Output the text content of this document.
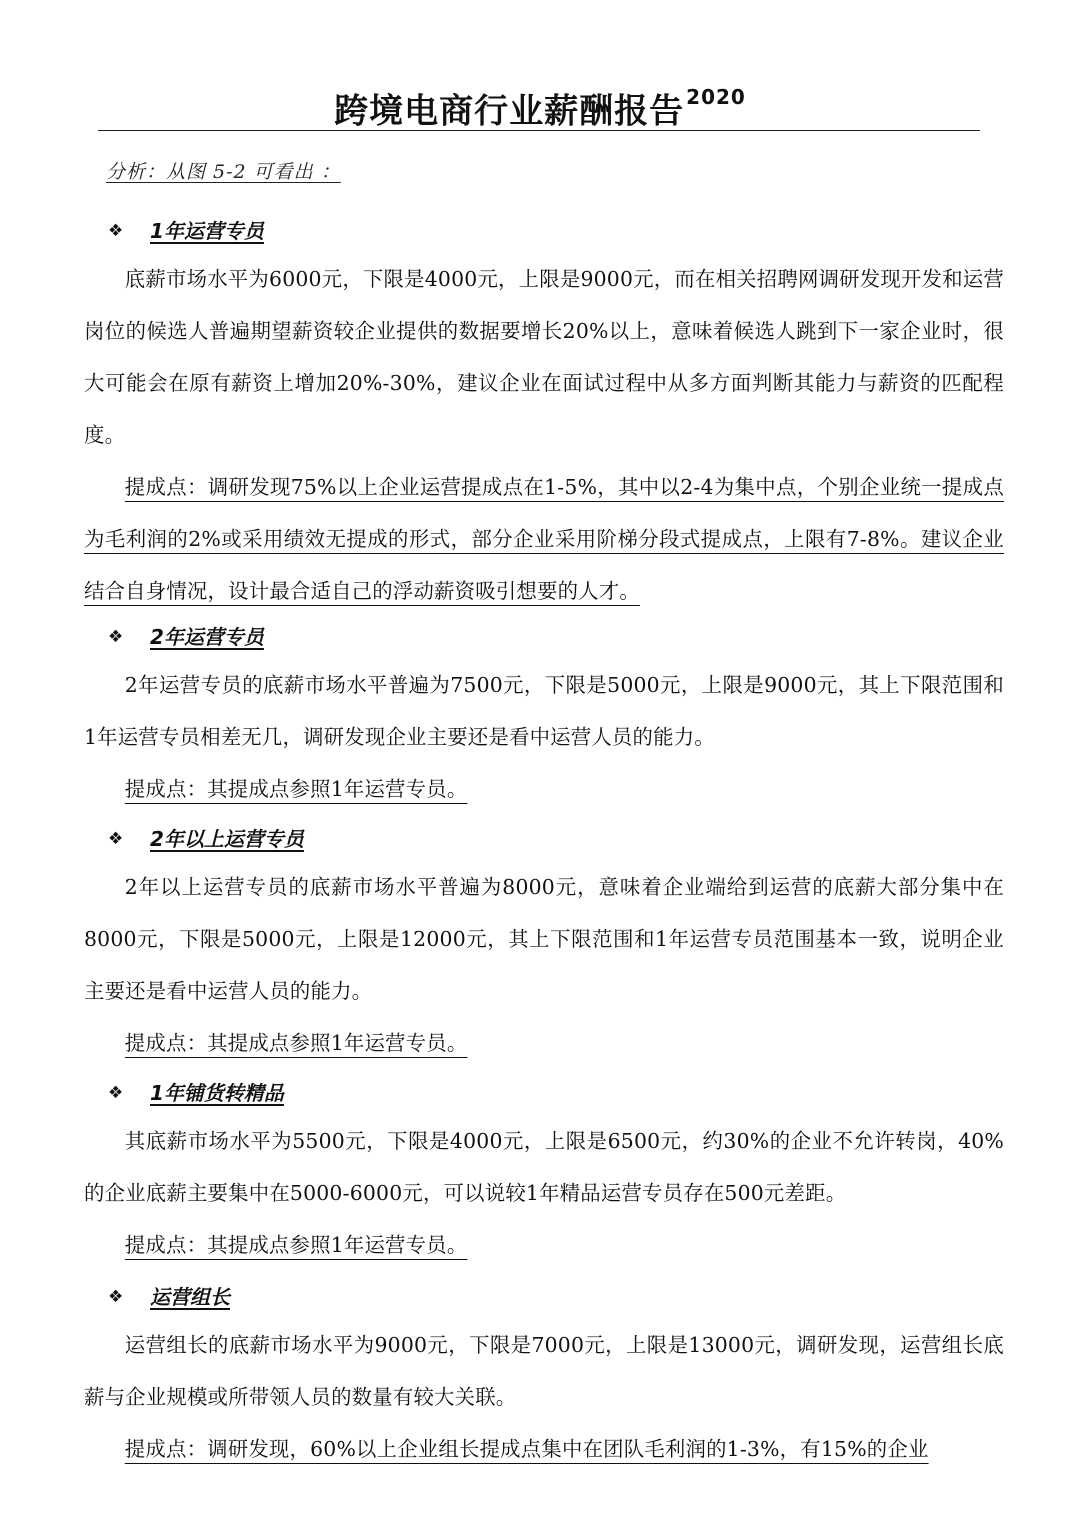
跨境电商行业薪酬报告 $^{2020}$
分析：从图 5-2 可看出 ：
❖	1年运营专员

底薪市场水平为6000元，下限是4000元，上限是9000元，而在相关招聘网调研发现开发和运营岗位的候选人普遍期望薪资较企业提供的数据要增长20%以上，意味着候选人跳到下一家企业时，很大可能会在原有薪资上增加20%-30%，建议企业在面试过程中从多方面判断其能力与薪资的匹配程度。

提成点：调研发现75%以上企业运营提成点在1-5%，其中以2-4为集中点，个别企业统一提成点为毛利润的2%或采用绩效无提成的形式，部分企业采用阶梯分段式提成点，上限有7-8%。建议企业结合自身情况，设计最合适自己的浮动薪资吸引想要的人才。

❖	2年运营专员

2年运营专员的底薪市场水平普遍为7500元，下限是5000元，上限是9000元，其上下限范围和1年运营专员相差无几，调研发现企业主要还是看中运营人员的能力。

提成点：其提成点参照1年运营专员。

❖	2年以上运营专员

2年以上运营专员的底薪市场水平普遍为8000元，意味着企业端给到运营的底薪大部分集中在8000元，下限是5000元，上限是12000元，其上下限范围和1年运营专员范围基本一致，说明企业主要还是看中运营人员的能力。

提成点：其提成点参照1年运营专员。

❖	1年铺货转精品

其底薪市场水平为5500元，下限是4000元，上限是6500元，约30%的企业不允许转岗，40%的企业底薪主要集中在5000-6000元，可以说较1年精品运营专员存在500元差距。

提成点：其提成点参照1年运营专员。

❖	运营组长

运营组长的底薪市场水平为9000元，下限是7000元，上限是13000元，调研发现，运营组长底薪与企业规模或所带领人员的数量有较大关联。

提成点：调研发现，60%以上企业组长提成点集中在团队毛利润的1-3%，有15%的企业
